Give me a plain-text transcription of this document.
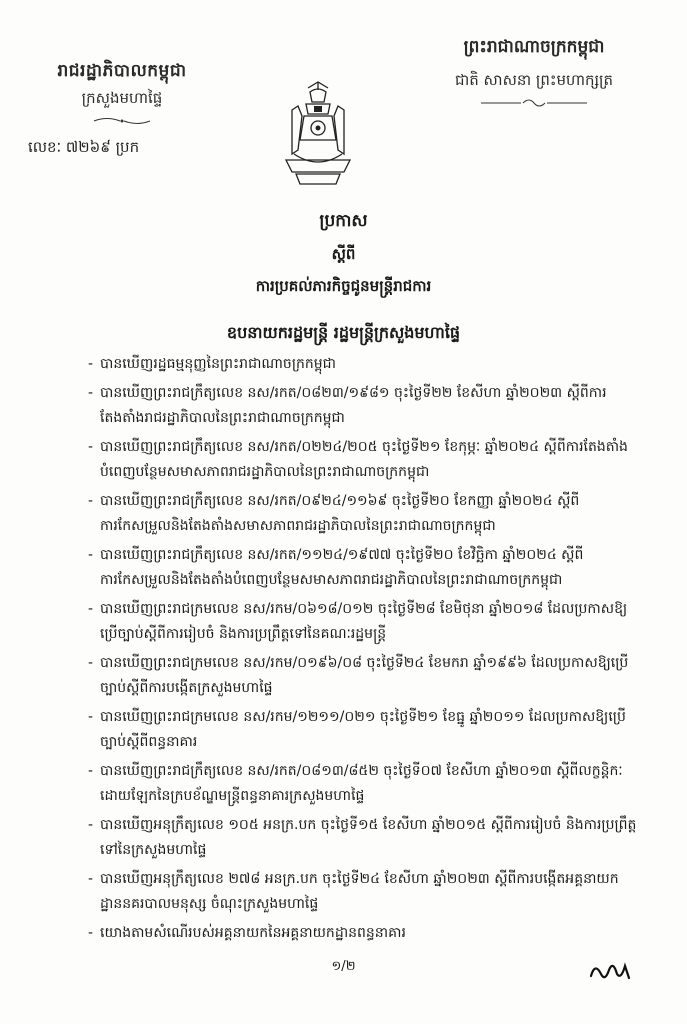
រាជរដ្ឋាភិបាលកម្ពុជា
ក្រសួងមហាផ្ទៃ
លេខៈ ៧២៦៩ ប្រក
ព្រះរាជាណាចក្រកម្ពុជា
ជាតិ សាសនា ព្រះមហាក្សត្រ
ប្រកាស
ស្ដីពី
ការប្រគល់ភារកិច្ចជូនមន្ត្រីរាជការ
ឧបនាយករដ្ឋមន្ត្រី រដ្ឋមន្ត្រីក្រសួងមហាផ្ទៃ
- បានឃើញរដ្ឋធម្មនុញ្ញនៃព្រះរាជាណាចក្រកម្ពុជា
- បានឃើញព្រះរាជក្រឹត្យលេខ នស/រកត/០៨២៣/១៩៨១ ចុះថ្ងៃទី២២ ខែសីហា ឆ្នាំ២០២៣ ស្ដីពីការតែងតាំងរាជរដ្ឋាភិបាលនៃព្រះរាជាណាចក្រកម្ពុជា
- បានឃើញព្រះរាជក្រឹត្យលេខ នស/រកត/០២២៤/២០៥ ចុះថ្ងៃទី២១ ខែកុម្ភៈ ឆ្នាំ២០២៤ ស្ដីពីការតែងតាំងបំពេញបន្ថែមសមាសភាពរាជរដ្ឋាភិបាលនៃព្រះរាជាណាចក្រកម្ពុជា
- បានឃើញព្រះរាជក្រឹត្យលេខ នស/រកត/០៩២៤/១១៦៩ ចុះថ្ងៃទី២០ ខែកញ្ញា ឆ្នាំ២០២៤ ស្ដីពីការកែសម្រួលនិងតែងតាំងសមាសភាពរាជរដ្ឋាភិបាលនៃព្រះរាជាណាចក្រកម្ពុជា
- បានឃើញព្រះរាជក្រឹត្យលេខ នស/រកត/១១២៤/១៩៧៧ ចុះថ្ងៃទី២០ ខែវិច្ឆិកា ឆ្នាំ២០២៤ ស្ដីពីការកែសម្រួលនិងតែងតាំងបំពេញបន្ថែមសមាសភាពរាជរដ្ឋាភិបាលនៃព្រះរាជាណាចក្រកម្ពុជា
- បានឃើញព្រះរាជក្រមលេខ នស/រកម/០៦១៨/០១២ ចុះថ្ងៃទី២៨ ខែមិថុនា ឆ្នាំ២០១៨ ដែលប្រកាសឱ្យប្រើច្បាប់ស្ដីពីការរៀបចំ និងការប្រព្រឹត្តទៅនៃគណៈរដ្ឋមន្ត្រី
- បានឃើញព្រះរាជក្រមលេខ នស/រកម/០១៩៦/០៨ ចុះថ្ងៃទី២៤ ខែមករា ឆ្នាំ១៩៩៦ ដែលប្រកាសឱ្យប្រើច្បាប់ស្ដីពីការបង្កើតក្រសួងមហាផ្ទៃ
- បានឃើញព្រះរាជក្រមលេខ នស/រកម/១២១១/០២១ ចុះថ្ងៃទី២១ ខែធ្នូ ឆ្នាំ២០១១ ដែលប្រកាសឱ្យប្រើច្បាប់ស្ដីពីពន្ធនាគារ
- បានឃើញព្រះរាជក្រឹត្យលេខ នស/រកត/០៨១៣/៨៥២ ចុះថ្ងៃទី០៧ ខែសីហា ឆ្នាំ២០១៣ ស្ដីពីលក្ខន្តិកៈដោយឡែកនៃក្របខ័ណ្ឌមន្ត្រីពន្ធនាគារក្រសួងមហាផ្ទៃ
- បានឃើញអនុក្រឹត្យលេខ ១០៥ អនក្រ.បក ចុះថ្ងៃទី១៥ ខែសីហា ឆ្នាំ២០១៥ ស្ដីពីការរៀបចំ និងការប្រព្រឹត្តទៅនៃក្រសួងមហាផ្ទៃ
- បានឃើញអនុក្រឹត្យលេខ ២៧៨ អនក្រ.បក ចុះថ្ងៃទី២៤ ខែសីហា ឆ្នាំ២០២៣ ស្ដីពីការបង្កើតអគ្គនាយកដ្ឋាននគរបាលមនុស្ស ចំណុះក្រសួងមហាផ្ទៃ
- យោងតាមសំណើរបស់អគ្គនាយកនៃអគ្គនាយកដ្ឋានពន្ធនាគារ
១/២
